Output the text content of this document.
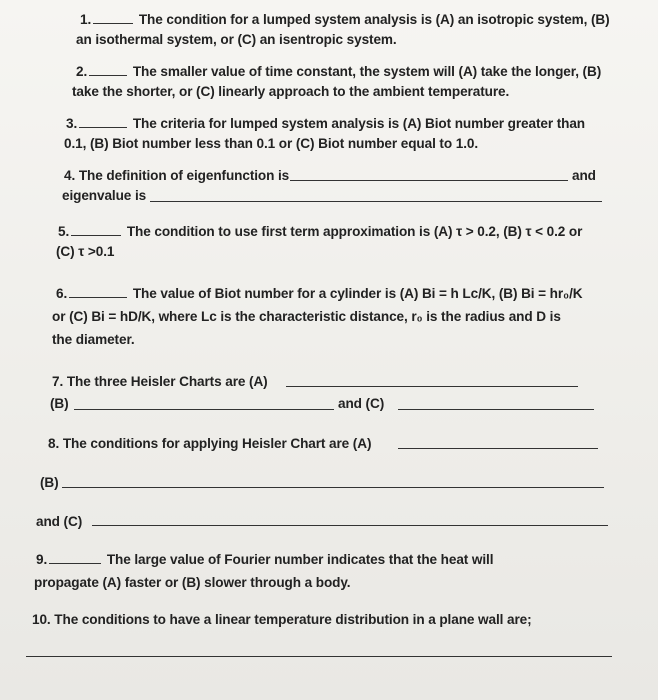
1.	The condition for a lumped system analysis is (A) an isotropic system, (B)
an isothermal system, or (C) an isentropic system.
2.	The smaller value of time constant, the system will (A) take the longer, (B)
take the shorter, or (C) linearly approach to the ambient temperature.
3.	The criteria for lumped system analysis is (A) Biot number greater than
0.1, (B) Biot number less than 0.1 or (C) Biot number equal to 1.0.
4. The definition of eigenfunction is	and
eigenvalue is
5.	The condition to use first term approximation is (A) τ > 0.2, (B) τ < 0.2 or
(C) τ >0.1
6.	The value of Biot number for a cylinder is (A) Bi = h Lc/K, (B) Bi = hr₀/K
or (C) Bi = hD/K, where Lc is the characteristic distance, r₀ is the radius and D is
the diameter.
7. The three Heisler Charts are (A)
(B)	and (C)
8. The conditions for applying Heisler Chart are (A)
(B)
and (C)
9.	The large value of Fourier number indicates that the heat will
propagate (A) faster or (B) slower through a body.
10. The conditions to have a linear temperature distribution in a plane wall are;
